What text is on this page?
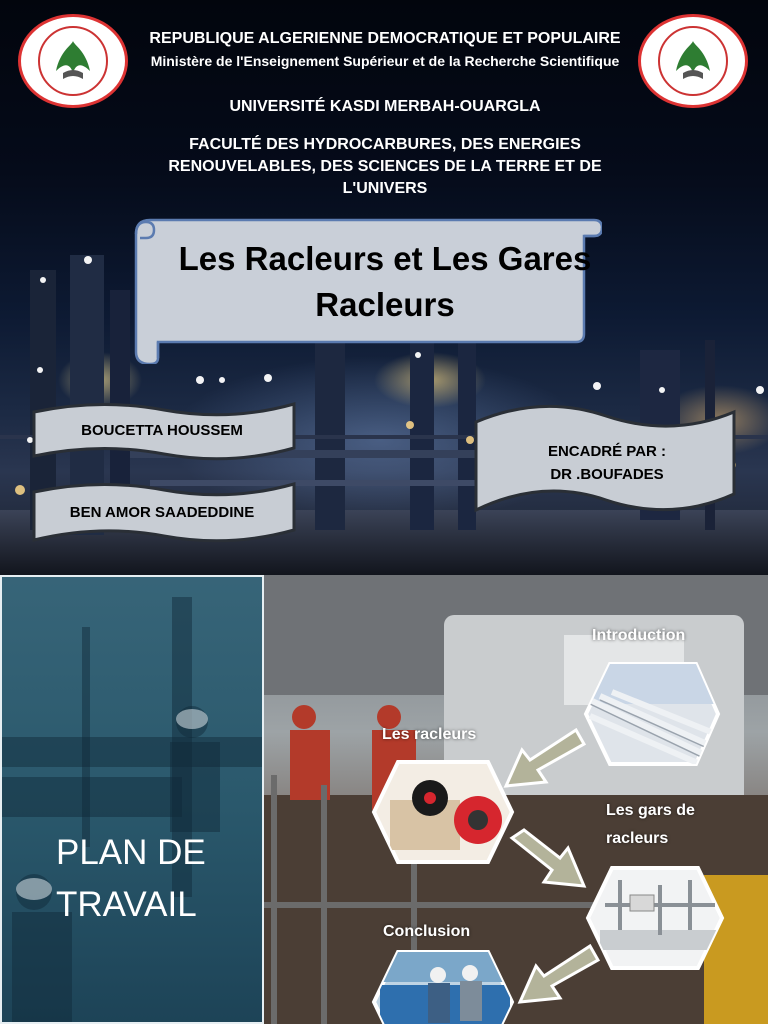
REPUBLIQUE ALGERIENNE DEMOCRATIQUE ET POPULAIRE
Ministère de l'Enseignement Supérieur et de la Recherche Scientifique
UNIVERSITÉ KASDI MERBAH-OUARGLA
FACULTÉ DES HYDROCARBURES, DES ENERGIES RENOUVELABLES, DES SCIENCES DE LA TERRE ET DE L'UNIVERS
Les Racleurs et Les Gares Racleurs
BOUCETTA HOUSSEM
BEN AMOR SAADEDDINE
ENCADRÉ PAR :
DR .BOUFADES
PLAN DE TRAVAIL
Introduction
Les racleurs
Les gars de racleurs
Conclusion
